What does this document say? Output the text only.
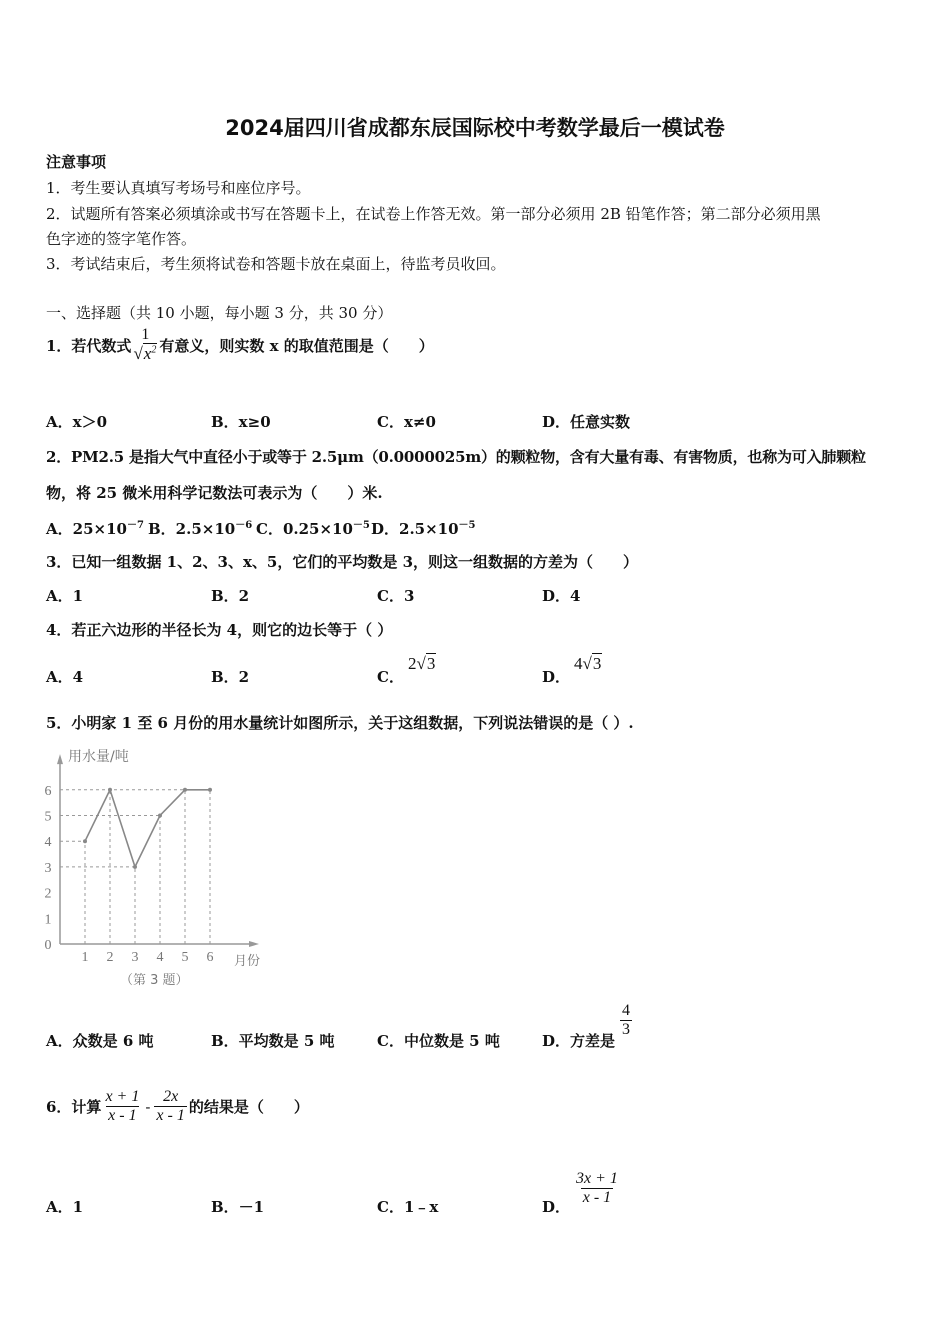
2024届四川省成都东辰国际校中考数学最后一模试卷
注意事项
1．考生要认真填写考场号和座位序号。
2．试题所有答案必须填涂或书写在答题卡上，在试卷上作答无效。第一部分必须用 2B 铅笔作答；第二部分必须用黑
色字迹的签字笔作答。
3．考试结束后，考生须将试卷和答题卡放在桌面上，待监考员收回。
一、选择题（共 10 小题，每小题 3 分，共 30 分）
1．若代数式
1
$√x^2$ 有意义，则实数 x 的取值范围是（　　）
A．x＞0	B．x≥0	C．x≠0	D．任意实数
2．PM2.5 是指大气中直径小于或等于 2.5μm（0.0000025m）的颗粒物，含有大量有毒、有害物质，也称为可入肺颗粒
物，将 25 微米用科学记数法可表示为（　　）米.
A．$25\times 10^{-7}$ B．$2.5\times 10^{-6}$ C．$0.25\times 10^{-5}$ D．$2.5\times 10^{-5}$
3．已知一组数据 1、2、3、x、5，它们的平均数是 3，则这一组数据的方差为（　　）
A．1	B．2	C．3	D．4
4．若正六边形的半径长为 4，则它的边长等于（ ）
A．4	B．2	C．
2√3
D．
4√3
5．小明家 1 至 6 月份的用水量统计如图所示，关于这组数据，下列说法错误的是（ ）.
0
1
2
3
4
5
6
1 2 3 4 5 6
用水量/吨
月份
（第 3 题）
A．众数是 6 吨	B．平均数是 5 吨	C．中位数是 5 吨	D．方差是
$\frac{4}{3}$
6．计算 $\frac{x + 1}{x - 1} - \frac{2x}{x - 1}$ 的结果是（　　）
A．1	B．－1	C．1﹣x	D． $\frac{3x + 1}{x - 1}$
